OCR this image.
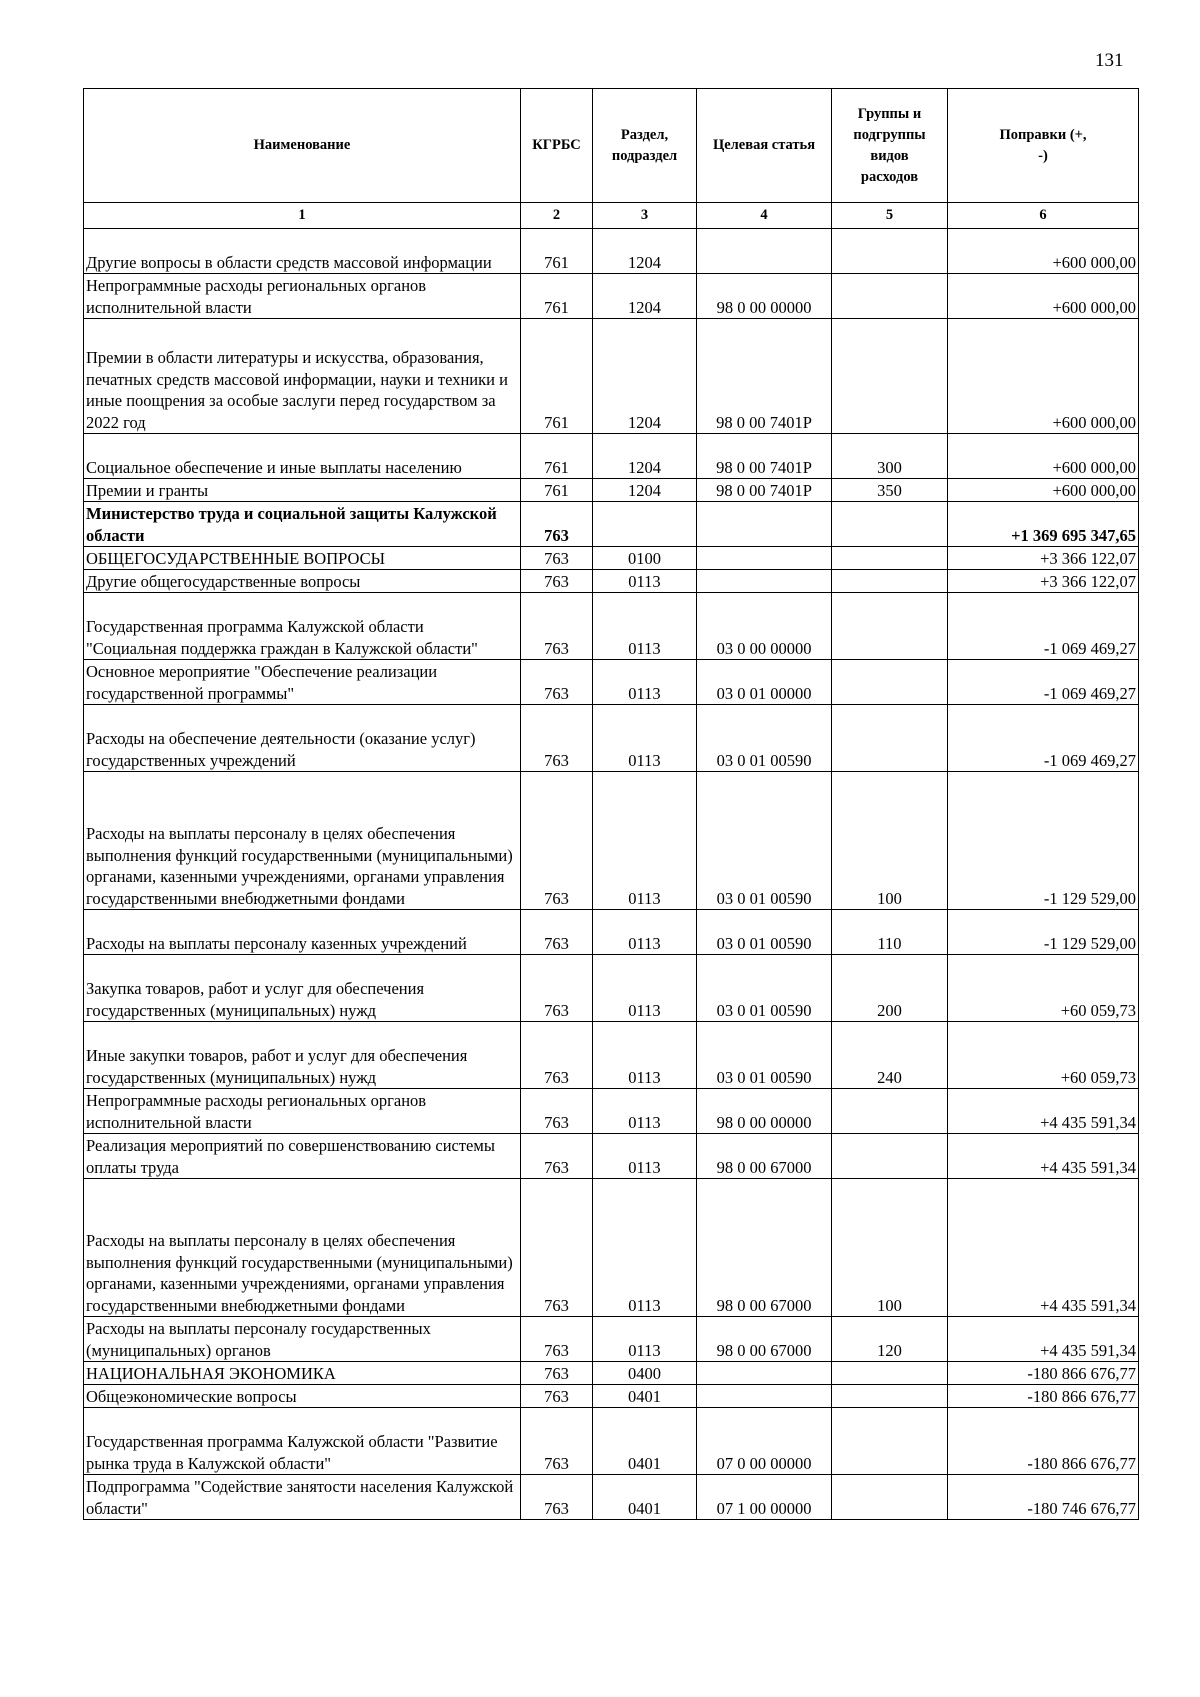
131
Наименование	КГРБС	Раздел, подраздел	Целевая статья	Группы и подгруппы видов расходов	Поправки (+, -)
1	2	3	4	5	6
Другие вопросы в области средств массовой информации	761	1204			+600 000,00
Непрограммные расходы региональных органов исполнительной власти	761	1204	98 0 00 00000		+600 000,00
Премии в области литературы и искусства, образования, печатных средств массовой информации, науки и техники и иные поощрения за особые заслуги перед государством за 2022 год	761	1204	98 0 00 7401P		+600 000,00
Социальное обеспечение и иные выплаты населению	761	1204	98 0 00 7401P	300	+600 000,00
Премии и гранты	761	1204	98 0 00 7401P	350	+600 000,00
Министерство труда и социальной защиты Калужской области	763				+1 369 695 347,65
ОБЩЕГОСУДАРСТВЕННЫЕ ВОПРОСЫ	763	0100			+3 366 122,07
Другие общегосударственные вопросы	763	0113			+3 366 122,07
Государственная программа Калужской области "Социальная поддержка граждан в Калужской области"	763	0113	03 0 00 00000		-1 069 469,27
Основное мероприятие "Обеспечение реализации государственной программы"	763	0113	03 0 01 00000		-1 069 469,27
Расходы на обеспечение деятельности (оказание услуг) государственных учреждений	763	0113	03 0 01 00590		-1 069 469,27
Расходы на выплаты персоналу в целях обеспечения выполнения функций государственными (муниципальными) органами, казенными учреждениями, органами управления государственными внебюджетными фондами	763	0113	03 0 01 00590	100	-1 129 529,00
Расходы на выплаты персоналу казенных учреждений	763	0113	03 0 01 00590	110	-1 129 529,00
Закупка товаров, работ и услуг для обеспечения государственных (муниципальных) нужд	763	0113	03 0 01 00590	200	+60 059,73
Иные закупки товаров, работ и услуг для обеспечения государственных (муниципальных) нужд	763	0113	03 0 01 00590	240	+60 059,73
Непрограммные расходы региональных органов исполнительной власти	763	0113	98 0 00 00000		+4 435 591,34
Реализация мероприятий по совершенствованию системы оплаты труда	763	0113	98 0 00 67000		+4 435 591,34
Расходы на выплаты персоналу в целях обеспечения выполнения функций государственными (муниципальными) органами, казенными учреждениями, органами управления государственными внебюджетными фондами	763	0113	98 0 00 67000	100	+4 435 591,34
Расходы на выплаты персоналу государственных (муниципальных) органов	763	0113	98 0 00 67000	120	+4 435 591,34
НАЦИОНАЛЬНАЯ ЭКОНОМИКА	763	0400			-180 866 676,77
Общеэкономические вопросы	763	0401			-180 866 676,77
Государственная программа Калужской области "Развитие рынка труда в Калужской области"	763	0401	07 0 00 00000		-180 866 676,77
Подпрограмма "Содействие занятости населения Калужской области"	763	0401	07 1 00 00000		-180 746 676,77
